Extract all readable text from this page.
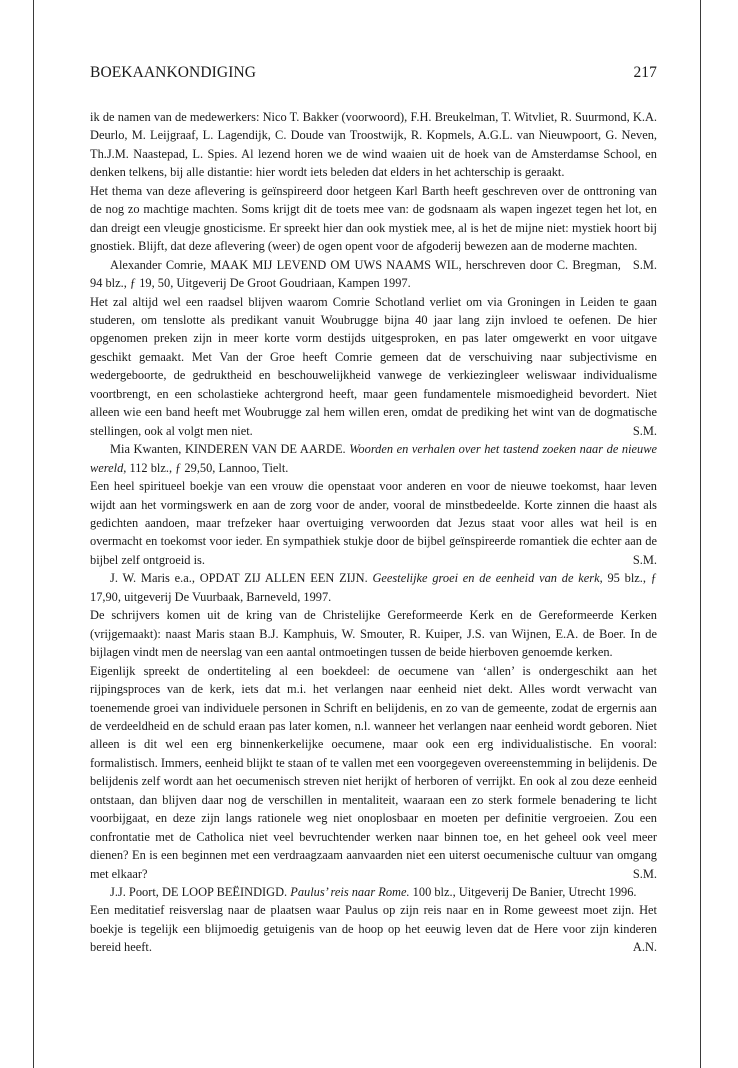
BOEKAANKONDIGING	217

ik de namen van de medewerkers: Nico T. Bakker (voorwoord), F.H. Breukelman, T. Witvliet, R. Suurmond, K.A. Deurlo, M. Leijgraaf, L. Lagendijk, C. Doude van Troostwijk, R. Kopmels, A.G.L. van Nieuwpoort, G. Neven, Th.J.M. Naastepad, L. Spies. Al lezend horen we de wind waaien uit de hoek van de Amsterdamse School, en denken telkens, bij alle distantie: hier wordt iets beleden dat elders in het achterschip is geraakt.

Het thema van deze aflevering is geïnspireerd door hetgeen Karl Barth heeft geschreven over de onttroning van de nog zo machtige machten. Soms krijgt dit de toets mee van: de godsnaam als wapen ingezet tegen het lot, en dan dreigt een vleugje gnosticisme. Er spreekt hier dan ook mystiek mee, al is het de mijne niet: mystiek hoort bij gnostiek. Blijft, dat deze aflevering (weer) de ogen opent voor de afgoderij bewezen aan de moderne machten.
S.M.

Alexander Comrie, MAAK MIJ LEVEND OM UWS NAAMS WIL, herschreven door C. Bregman, 94 blz., ƒ 19, 50, Uitgeverij De Groot Goudriaan, Kampen 1997.

Het zal altijd wel een raadsel blijven waarom Comrie Schotland verliet om via Groningen in Leiden te gaan studeren, om tenslotte als predikant vanuit Woubrugge bijna 40 jaar lang zijn invloed te oefenen. De hier opgenomen preken zijn in meer korte vorm destijds uitgesproken, en pas later omgewerkt en voor uitgave geschikt gemaakt. Met Van der Groe heeft Comrie gemeen dat de verschuiving naar subjectivisme en wedergeboorte, de gedruktheid en beschouwelijkheid vanwege de verkiezingleer weliswaar individualisme voortbrengt, en een scholastieke achtergrond heeft, maar geen fundamentele mismoedigheid bevordert. Niet alleen wie een band heeft met Woubrugge zal hem willen eren, omdat de prediking het wint van de dogmatische stellingen, ook al volgt men niet.	S.M.

Mia Kwanten, KINDEREN VAN DE AARDE. Woorden en verhalen over het tastend zoeken naar de nieuwe wereld, 112 blz., ƒ 29,50, Lannoo, Tielt.

Een heel spiritueel boekje van een vrouw die openstaat voor anderen en voor de nieuwe toekomst, haar leven wijdt aan het vormingswerk en aan de zorg voor de ander, vooral de minstbedeelde. Korte zinnen die haast als gedichten aandoen, maar trefzeker haar overtuiging verwoorden dat Jezus staat voor alles wat heil is en overmacht en toekomst voor ieder. En sympathiek stukje door de bijbel geïnspireerde romantiek die echter aan de bijbel zelf ontgroeid is.	S.M.

J. W. Maris e.a., OPDAT ZIJ ALLEN EEN ZIJN. Geestelijke groei en de eenheid van de kerk, 95 blz., ƒ 17,90, uitgeverij De Vuurbaak, Barneveld, 1997.

De schrijvers komen uit de kring van de Christelijke Gereformeerde Kerk en de Gereformeerde Kerken (vrijgemaakt): naast Maris staan B.J. Kamphuis, W. Smouter, R. Kuiper, J.S. van Wijnen, E.A. de Boer. In de bijlagen vindt men de neerslag van een aantal ontmoetingen tussen de beide hierboven genoemde kerken.

Eigenlijk spreekt de ondertiteling al een boekdeel: de oecumene van ‘allen’ is ondergeschikt aan het rijpingsproces van de kerk, iets dat m.i. het verlangen naar eenheid niet dekt. Alles wordt verwacht van toenemende groei van individuele personen in Schrift en belijdenis, en zo van de gemeente, zodat de ergernis aan de verdeeldheid en de schuld eraan pas later komen, n.l. wanneer het verlangen naar eenheid wordt geboren. Niet alleen is dit wel een erg binnenkerkelijke oecumene, maar ook een erg individualistische. En vooral: formalistisch. Immers, eenheid blijkt te staan of te vallen met een voorgegeven overeenstemming in belijdenis. De belijdenis zelf wordt aan het oecumenisch streven niet herijkt of herboren of verrijkt. En ook al zou deze eenheid ontstaan, dan blijven daar nog de verschillen in mentaliteit, waaraan een zo sterk formele benadering te licht voorbijgaat, en deze zijn langs rationele weg niet onoplosbaar en moeten per definitie vergroeien. Zou een confrontatie met de Catholica niet veel bevruchtender werken naar binnen toe, en het geheel ook veel meer dienen? En is een beginnen met een verdraagzaam aanvaarden niet een uiterst oecumenische cultuur van omgang met elkaar?	S.M.

J.J. Poort, DE LOOP BEËINDIGD. Paulus’ reis naar Rome. 100 blz., Uitgeverij De Banier, Utrecht 1996.

Een meditatief reisverslag naar de plaatsen waar Paulus op zijn reis naar en in Rome geweest moet zijn. Het boekje is tegelijk een blijmoedig getuigenis van de hoop op het eeuwig leven dat de Here voor zijn kinderen bereid heeft.	A.N.
